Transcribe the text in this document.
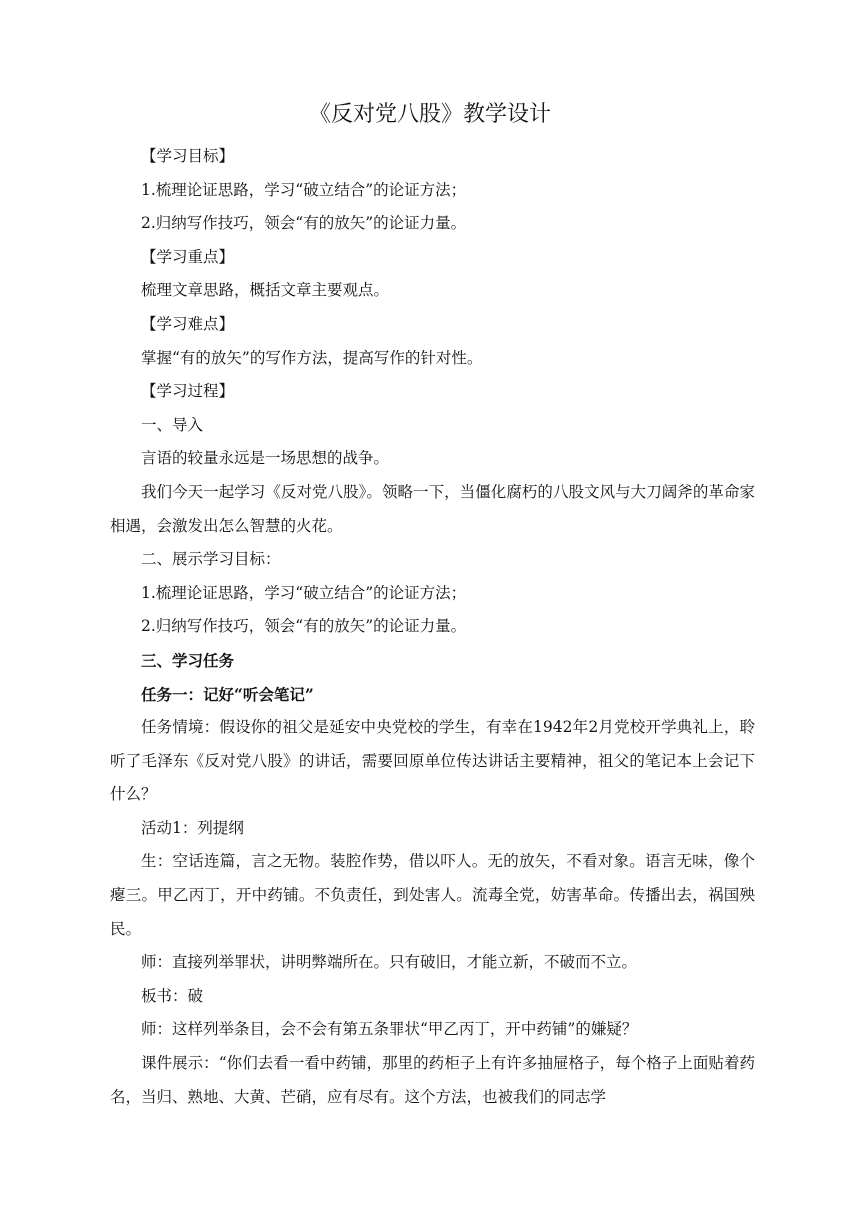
《反对党八股》教学设计

【学习目标】

1.梳理论证思路，学习“破立结合”的论证方法；

2.归纳写作技巧，领会“有的放矢”的论证力量。

【学习重点】

梳理文章思路，概括文章主要观点。

【学习难点】

掌握“有的放矢”的写作方法，提高写作的针对性。

【学习过程】

一、导入

言语的较量永远是一场思想的战争。

我们今天一起学习《反对党八股》。领略一下，当僵化腐朽的八股文风与大刀阔斧的革命家相遇，会激发出怎么智慧的火花。

二、展示学习目标：

1.梳理论证思路，学习“破立结合”的论证方法；

2.归纳写作技巧，领会“有的放矢”的论证力量。

三、学习任务

任务一：记好“听会笔记”

任务情境：假设你的祖父是延安中央党校的学生，有幸在1942年2月党校开学典礼上，聆听了毛泽东《反对党八股》的讲话，需要回原单位传达讲话主要精神，祖父的笔记本上会记下什么？

活动1：列提纲

生：空话连篇，言之无物。装腔作势，借以吓人。无的放矢，不看对象。语言无味，像个瘪三。甲乙丙丁，开中药铺。不负责任，到处害人。流毒全党，妨害革命。传播出去，祸国殃民。

师：直接列举罪状，讲明弊端所在。只有破旧，才能立新，不破而不立。

板书：破

师：这样列举条目，会不会有第五条罪状“甲乙丙丁，开中药铺”的嫌疑？

课件展示：“你们去看一看中药铺，那里的药柜子上有许多抽屉格子，每个格子上面贴着药名，当归、熟地、大黄、芒硝，应有尽有。这个方法，也被我们的同志学
